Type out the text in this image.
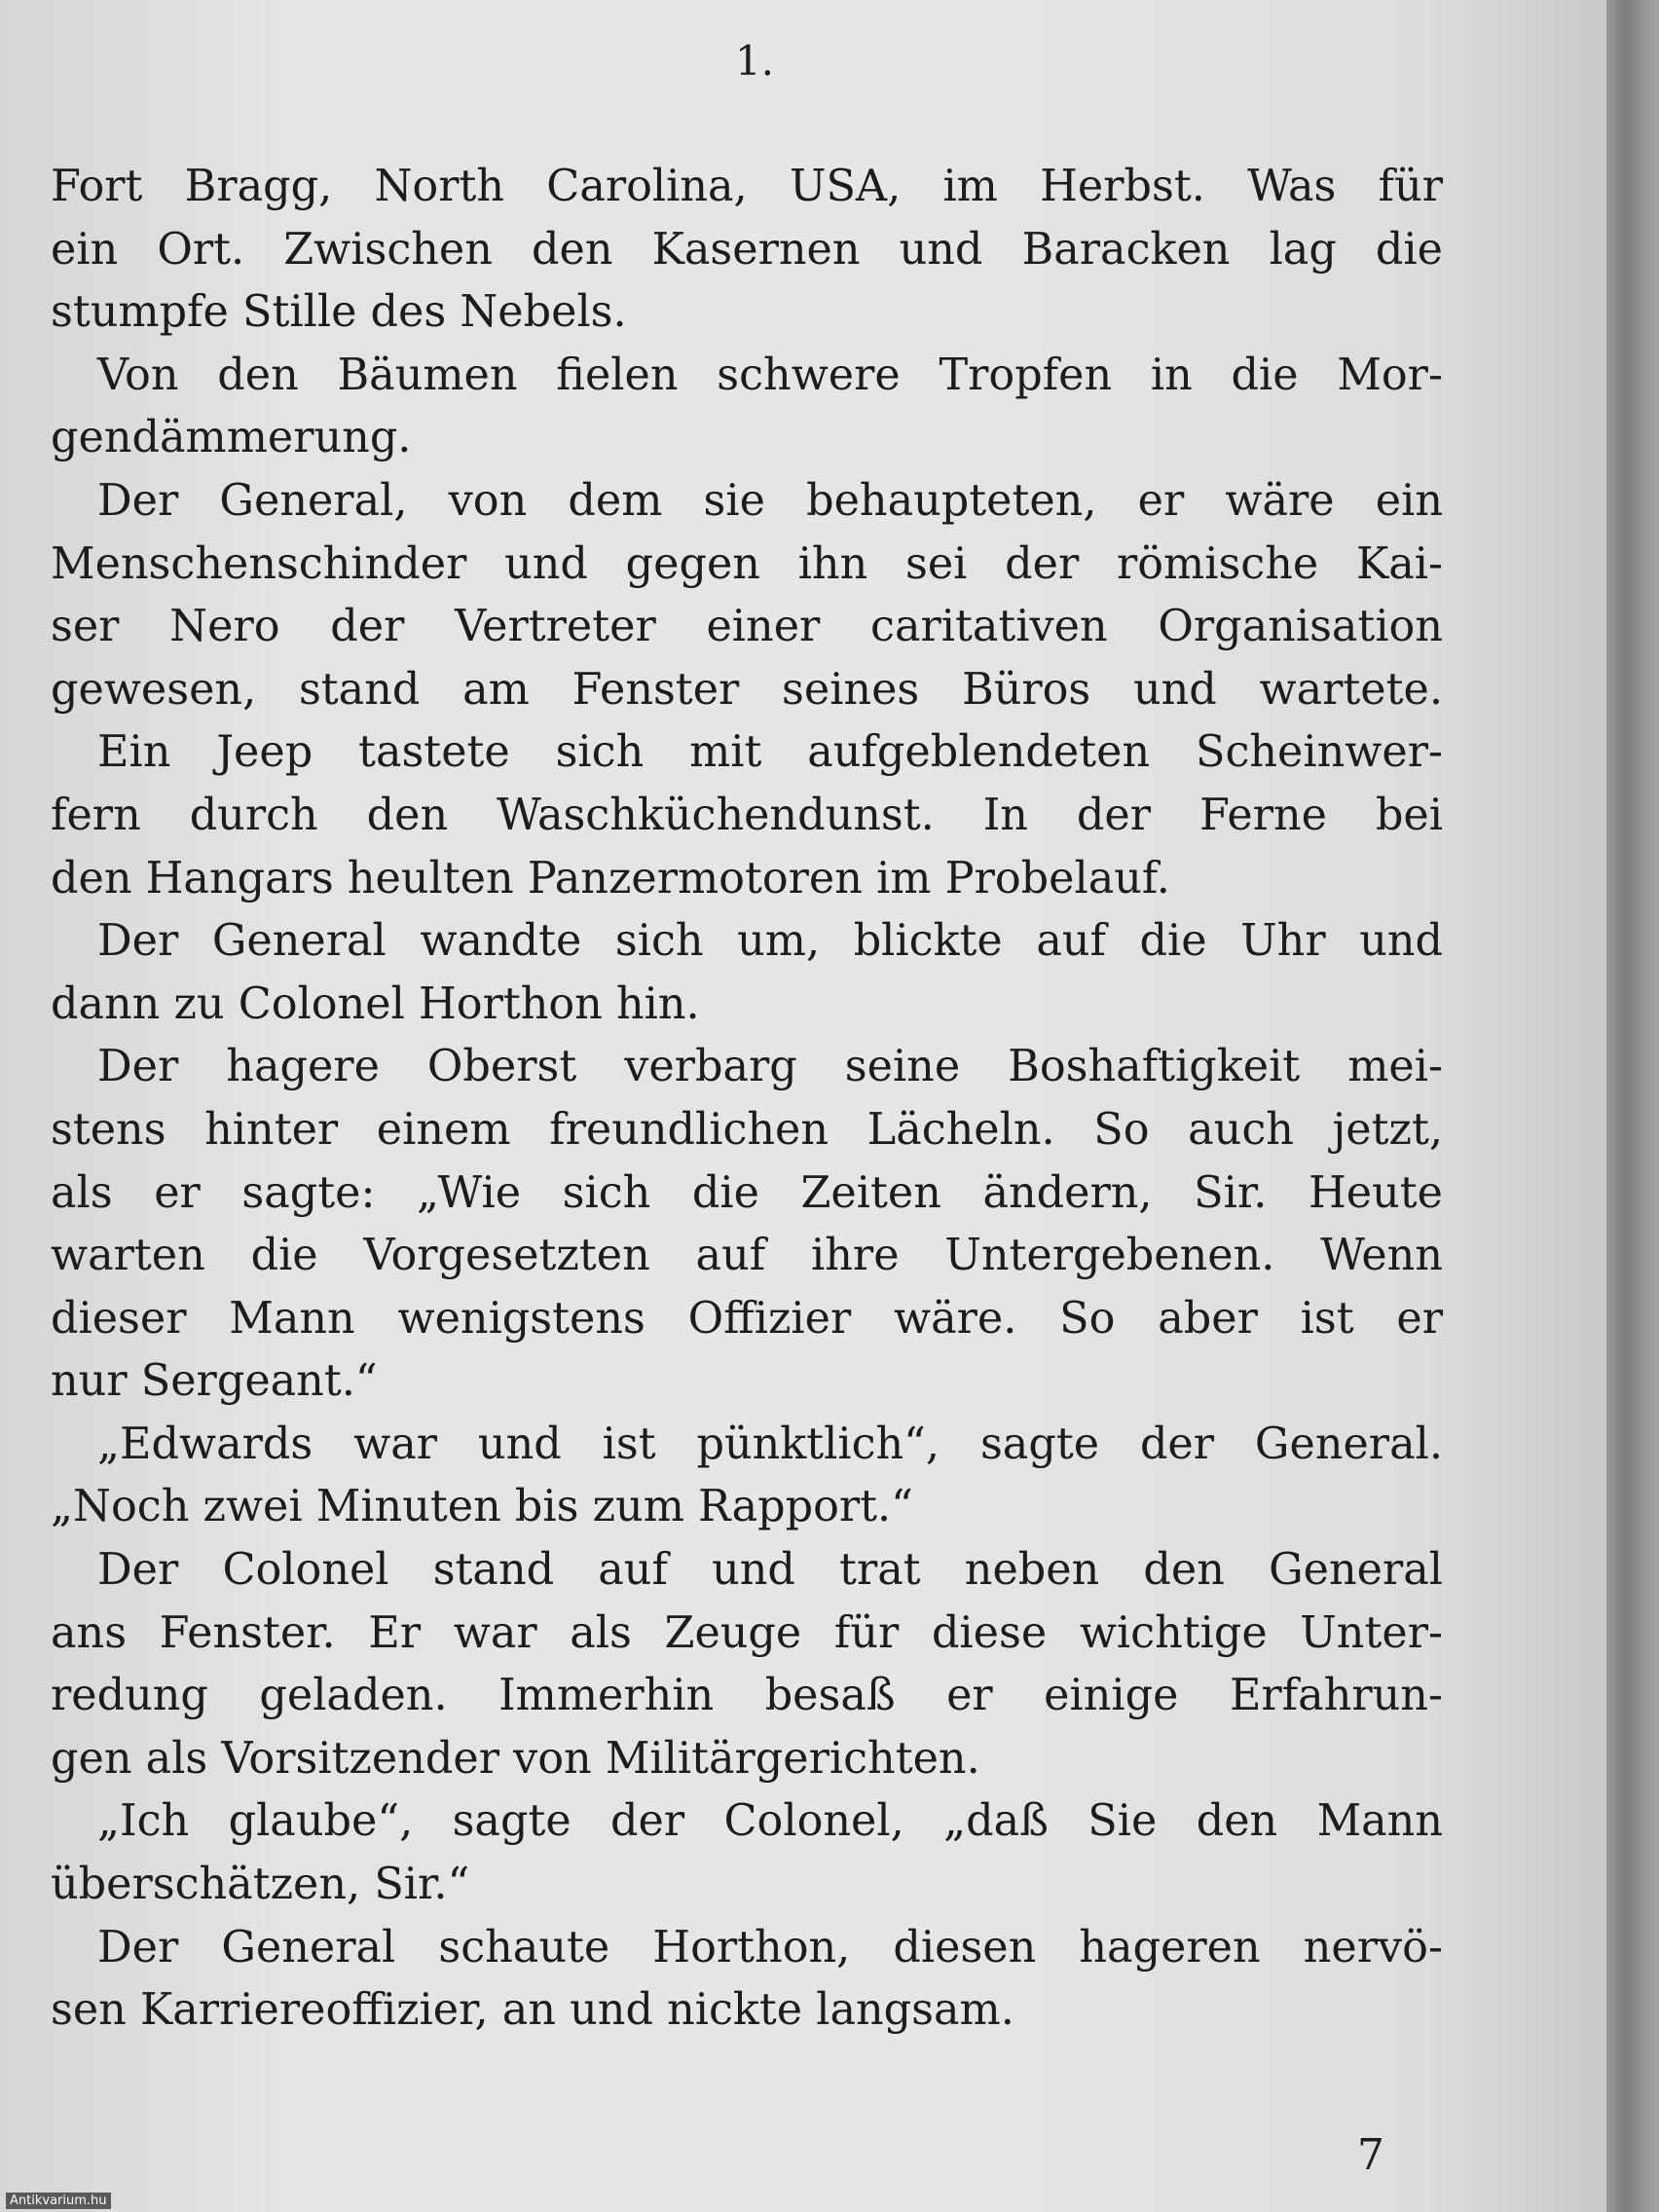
1.
Fort Bragg, North Carolina, USA, im Herbst. Was für
ein Ort. Zwischen den Kasernen und Baracken lag die
stumpfe Stille des Nebels.
Von den Bäumen fielen schwere Tropfen in die Mor-
gendämmerung.
Der General, von dem sie behaupteten, er wäre ein
Menschenschinder und gegen ihn sei der römische Kai-
ser Nero der Vertreter einer caritativen Organisation
gewesen, stand am Fenster seines Büros und wartete.
Ein Jeep tastete sich mit aufgeblendeten Scheinwer-
fern durch den Waschküchendunst. In der Ferne bei
den Hangars heulten Panzermotoren im Probelauf.
Der General wandte sich um, blickte auf die Uhr und
dann zu Colonel Horthon hin.
Der hagere Oberst verbarg seine Boshaftigkeit mei-
stens hinter einem freundlichen Lächeln. So auch jetzt,
als er sagte: „Wie sich die Zeiten ändern, Sir. Heute
warten die Vorgesetzten auf ihre Untergebenen. Wenn
dieser Mann wenigstens Offizier wäre. So aber ist er
nur Sergeant.“
„Edwards war und ist pünktlich“, sagte der General.
„Noch zwei Minuten bis zum Rapport.“
Der Colonel stand auf und trat neben den General
ans Fenster. Er war als Zeuge für diese wichtige Unter-
redung geladen. Immerhin besaß er einige Erfahrun-
gen als Vorsitzender von Militärgerichten.
„Ich glaube“, sagte der Colonel, „daß Sie den Mann
überschätzen, Sir.“
Der General schaute Horthon, diesen hageren nervö-
sen Karriereoffizier, an und nickte langsam.
7
Antikvarium.hu
